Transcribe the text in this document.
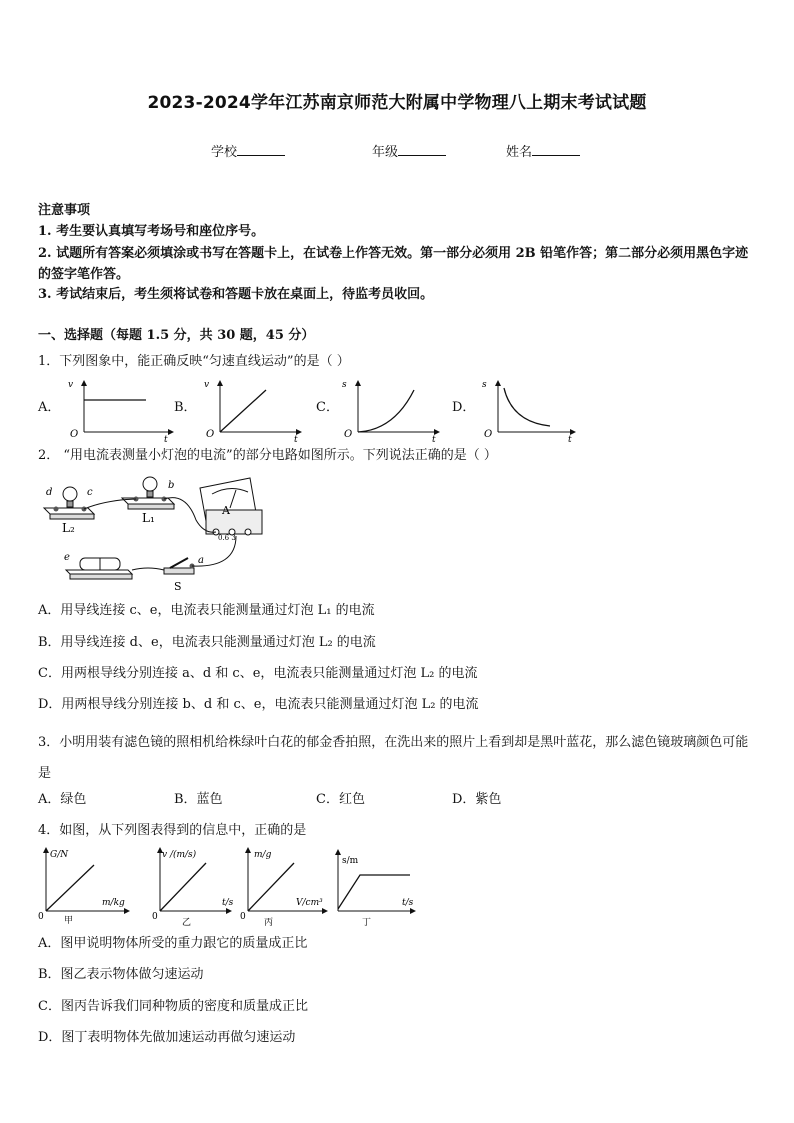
2023-2024学年江苏南京师范大附属中学物理八上期末考试试题
学校	年级	姓名
注意事项
1. 考生要认真填写考场号和座位序号。
2. 试题所有答案必须填涂或书写在答题卡上，在试卷上作答无效。第一部分必须用 2B 铅笔作答；第二部分必须用黑色字迹的签字笔作答。
3. 考试结束后，考生须将试卷和答题卡放在桌面上，待监考员收回。
一、选择题（每题 1.5 分，共 30 题，45 分）
1．下列图象中，能正确反映“匀速直线运动”的是（ ）
A．	B．	C．	D．
v
O	t
v
O	t
s
O	t
s
O	t
2． “用电流表测量小灯泡的电流”的部分电路如图所示。下列说法正确的是（ ）
d	c
L₂
b
L₁
A
0.6 3
e	a
S
A．用导线连接 c、e，电流表只能测量通过灯泡 L₁ 的电流
B．用导线连接 d、e，电流表只能测量通过灯泡 L₂ 的电流
C．用两根导线分别连接 a、d 和 c、e，电流表只能测量通过灯泡 L₂ 的电流
D．用两根导线分别连接 b、d 和 c、e，电流表只能测量通过灯泡 L₂ 的电流
3．小明用装有滤色镜的照相机给株绿叶白花的郁金香拍照，在洗出来的照片上看到却是黑叶蓝花，那么滤色镜玻璃颜色可能是
A．绿色	B．蓝色	C．红色	D．紫色
4．如图，从下列图表得到的信息中，正确的是
G/N
m/kg
0 甲
v /(m/s)
t/s
0
乙
m/g
V/cm³
0
丙
s/m
t/s
丁
A．图甲说明物体所受的重力跟它的质量成正比
B．图乙表示物体做匀速运动
C．图丙告诉我们同种物质的密度和质量成正比
D．图丁表明物体先做加速运动再做匀速运动
